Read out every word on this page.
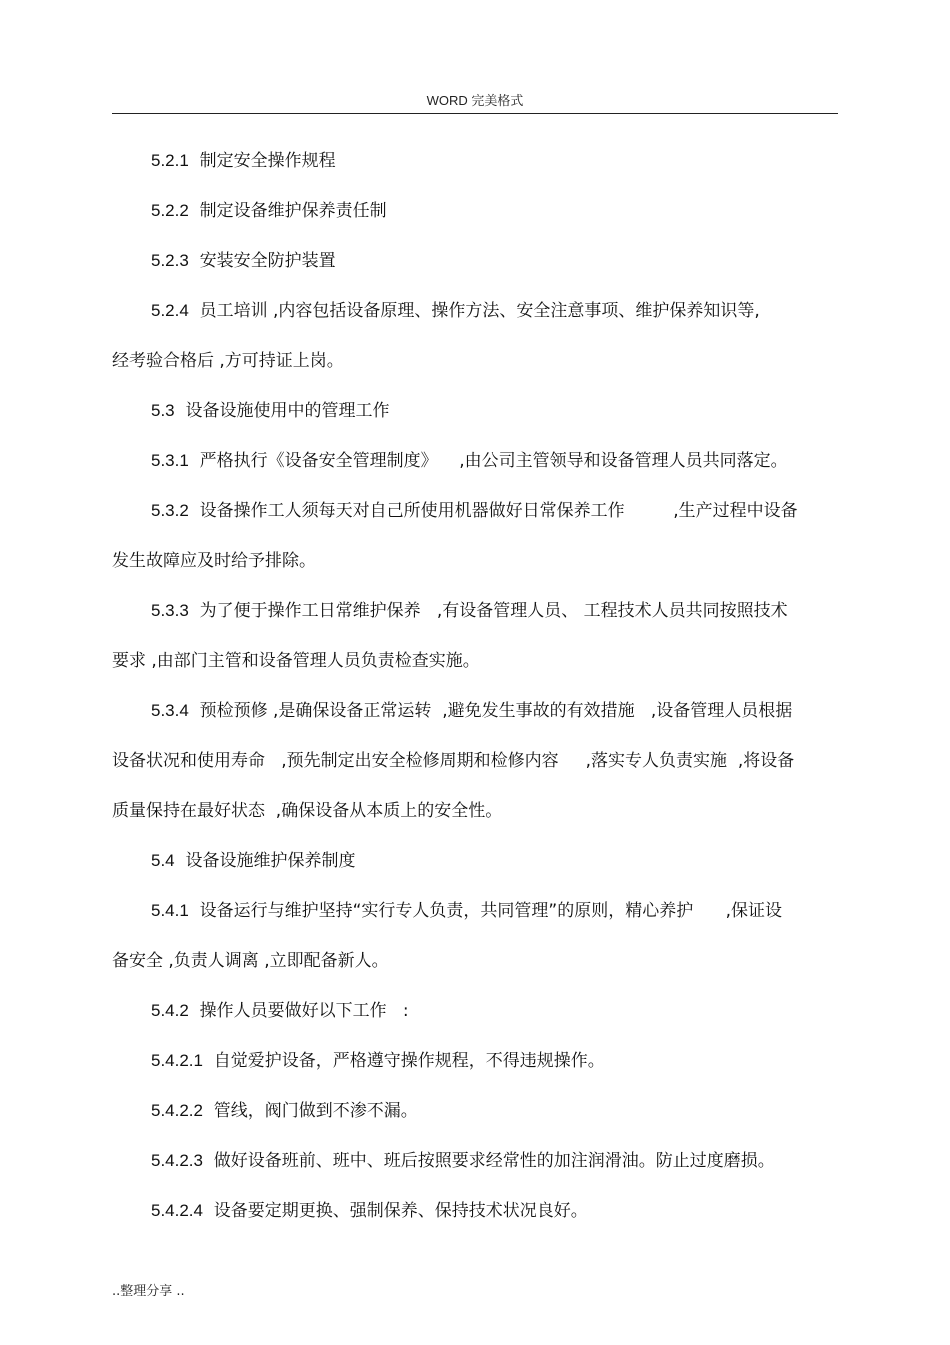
WORD 完美格式
5.2.1  制定安全操作规程
5.2.2  制定设备维护保养责任制
5.2.3  安装安全防护装置
5.2.4  员工培训 ,内容包括设备原理、操作方法、安全注意事项、维护保养知识等,
经考验合格后 ,方可持证上岗。
5.3  设备设施使用中的管理工作
5.3.1  严格执行《设备安全管理制度》    ,由公司主管领导和设备管理人员共同落定。
5.3.2  设备操作工人须每天对自己所使用机器做好日常保养工作         ,生产过程中设备
发生故障应及时给予排除。
5.3.3  为了便于操作工日常维护保养   ,有设备管理人员、 工程技术人员共同按照技术
要求 ,由部门主管和设备管理人员负责检查实施。
5.3.4  预检预修 ,是确保设备正常运转  ,避免发生事故的有效措施   ,设备管理人员根据
设备状况和使用寿命   ,预先制定出安全检修周期和检修内容     ,落实专人负责实施  ,将设备
质量保持在最好状态  ,确保设备从本质上的安全性。
5.4  设备设施维护保养制度
5.4.1  设备运行与维护坚持“实行专人负责，共同管理”的原则，精心养护      ,保证设
备安全 ,负责人调离 ,立即配备新人。
5.4.2  操作人员要做好以下工作   :
5.4.2.1  自觉爱护设备，严格遵守操作规程，不得违规操作。
5.4.2.2  管线，阀门做到不渗不漏。
5.4.2.3  做好设备班前、班中、班后按照要求经常性的加注润滑油。防止过度磨损。
5.4.2.4  设备要定期更换、强制保养、保持技术状况良好。
..整理分享 ..
